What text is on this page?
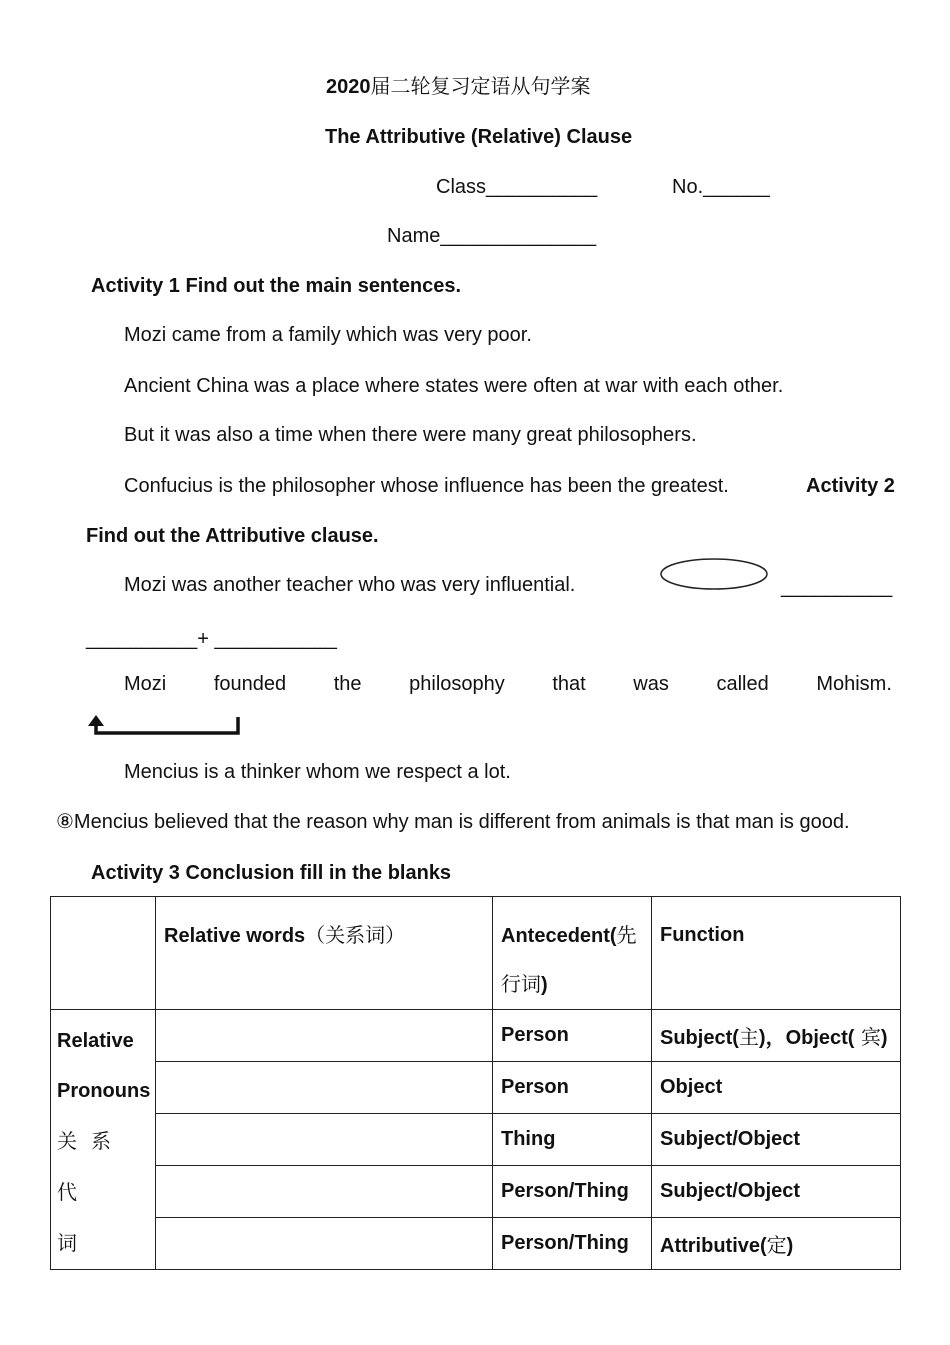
2020届二轮复习定语从句学案
The Attributive (Relative) Clause
Class__________	No.______
Name______________
Activity 1 Find out the main sentences.
Mozi came from a family which was very poor.
Ancient China was a place where states were often at war with each other.
But it was also a time when there were many great philosophers.
Confucius is the philosopher whose influence has been the greatest.	Activity 2
Find out the Attributive clause.
Mozi was another teacher who was very influential.	__________
__________+ ___________
Mozi founded the philosophy that was called Mohism.
Mencius is a thinker whom we respect a lot.
⑧Mencius believed that the reason why man is different from animals is that man is good.
Activity 3 Conclusion fill in the blanks
	Relative words（关系词）	Antecedent(先
行词)	Function
Relative
Pronouns
关系代
词		Person	Subject(主)，Object( 宾)
		Person	Object
		Thing	Subject/Object
		Person/Thing	Subject/Object
		Person/Thing	Attributive(定)
